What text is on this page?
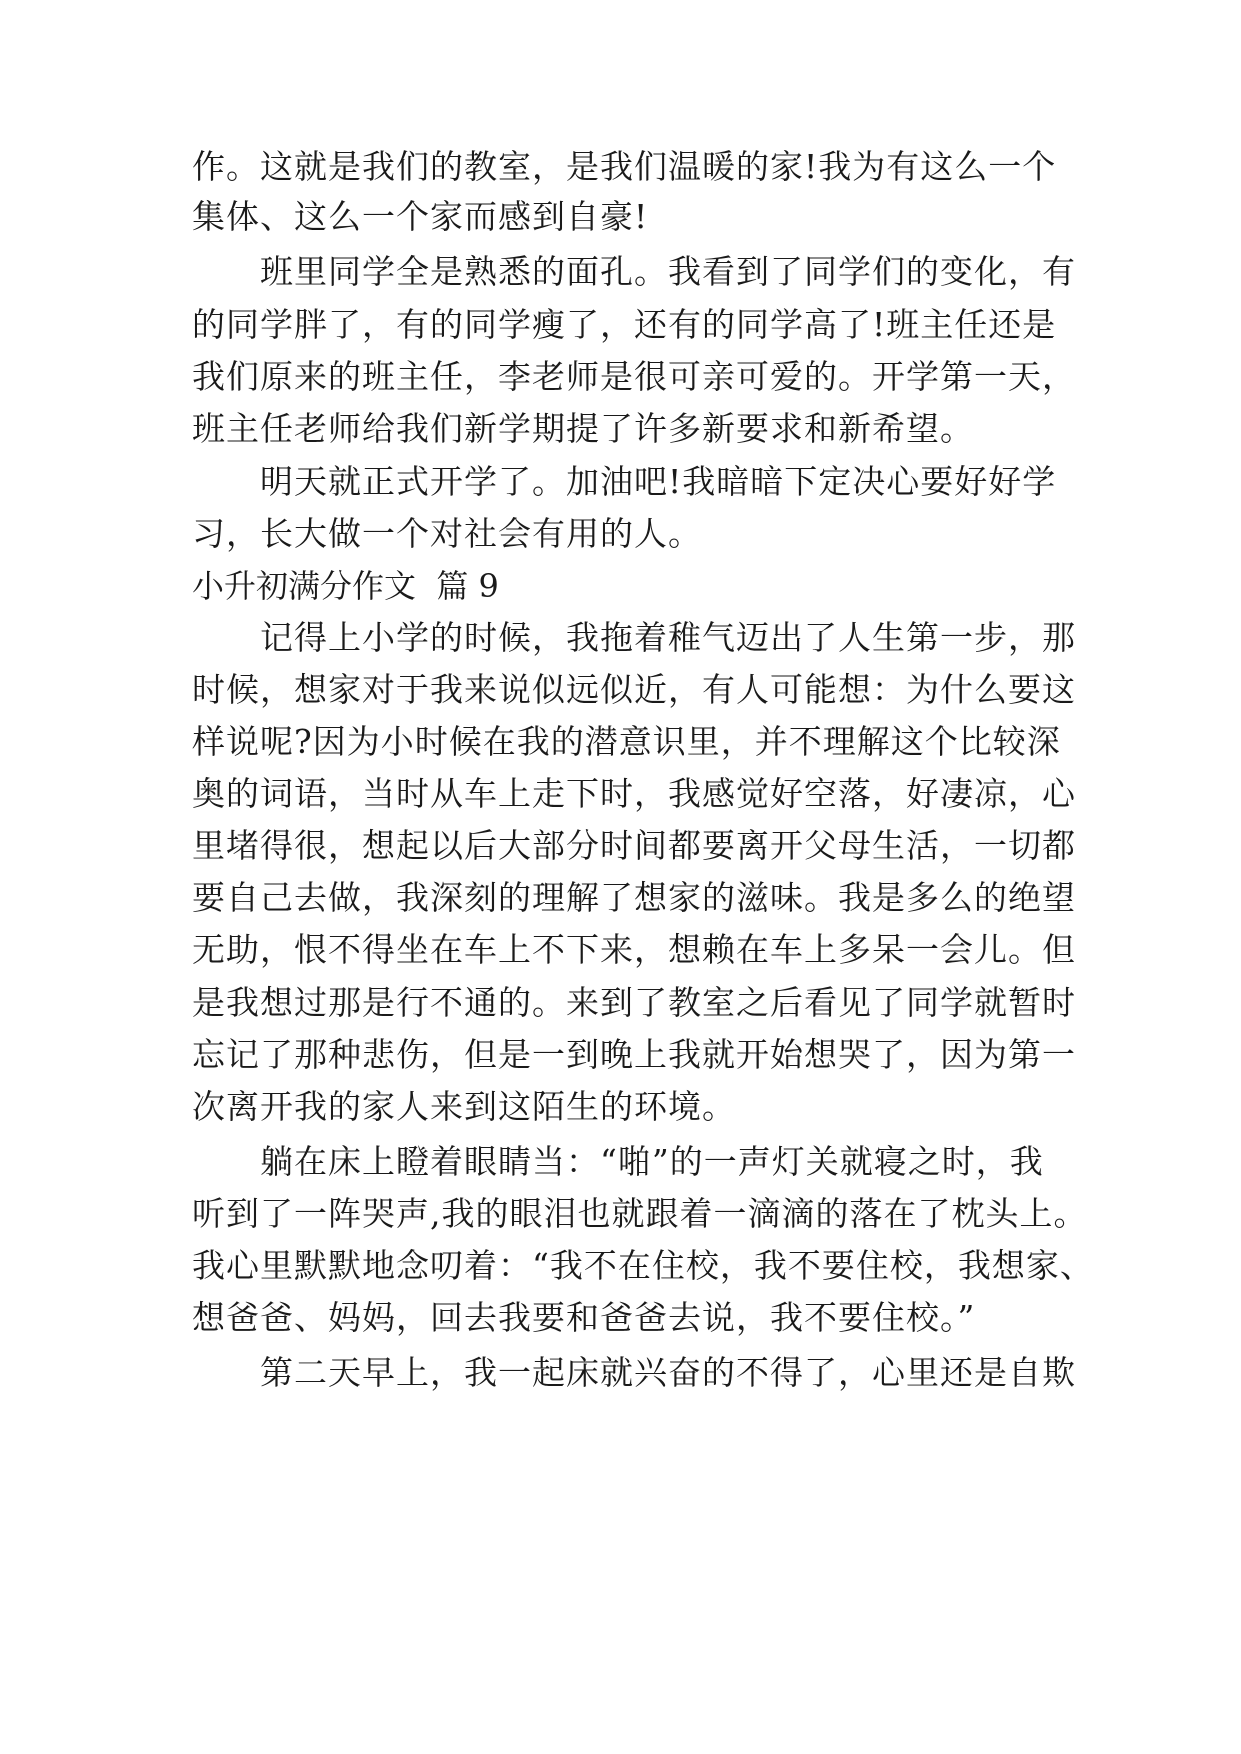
作。这就是我们的教室，是我们温暖的家!我为有这么一个
集体、这么一个家而感到自豪!
　　班里同学全是熟悉的面孔。我看到了同学们的变化，有
的同学胖了，有的同学瘦了，还有的同学高了!班主任还是
我们原来的班主任，李老师是很可亲可爱的。开学第一天，
班主任老师给我们新学期提了许多新要求和新希望。
　　明天就正式开学了。加油吧!我暗暗下定决心要好好学
习，长大做一个对社会有用的人。
小升初满分作文  篇 9
　　记得上小学的时候，我拖着稚气迈出了人生第一步，那
时候，想家对于我来说似远似近，有人可能想：为什么要这
样说呢?因为小时候在我的潜意识里，并不理解这个比较深
奥的词语，当时从车上走下时，我感觉好空落，好凄凉，心
里堵得很，想起以后大部分时间都要离开父母生活，一切都
要自己去做，我深刻的理解了想家的滋味。我是多么的绝望
无助，恨不得坐在车上不下来，想赖在车上多呆一会儿。但
是我想过那是行不通的。来到了教室之后看见了同学就暂时
忘记了那种悲伤，但是一到晚上我就开始想哭了，因为第一
次离开我的家人来到这陌生的环境。
　　躺在床上瞪着眼睛当：“啪”的一声灯关就寝之时，我
听到了一阵哭声,我的眼泪也就跟着一滴滴的落在了枕头上。
我心里默默地念叨着：“我不在住校，我不要住校，我想家、
想爸爸、妈妈，回去我要和爸爸去说，我不要住校。”
　　第二天早上，我一起床就兴奋的不得了，心里还是自欺
